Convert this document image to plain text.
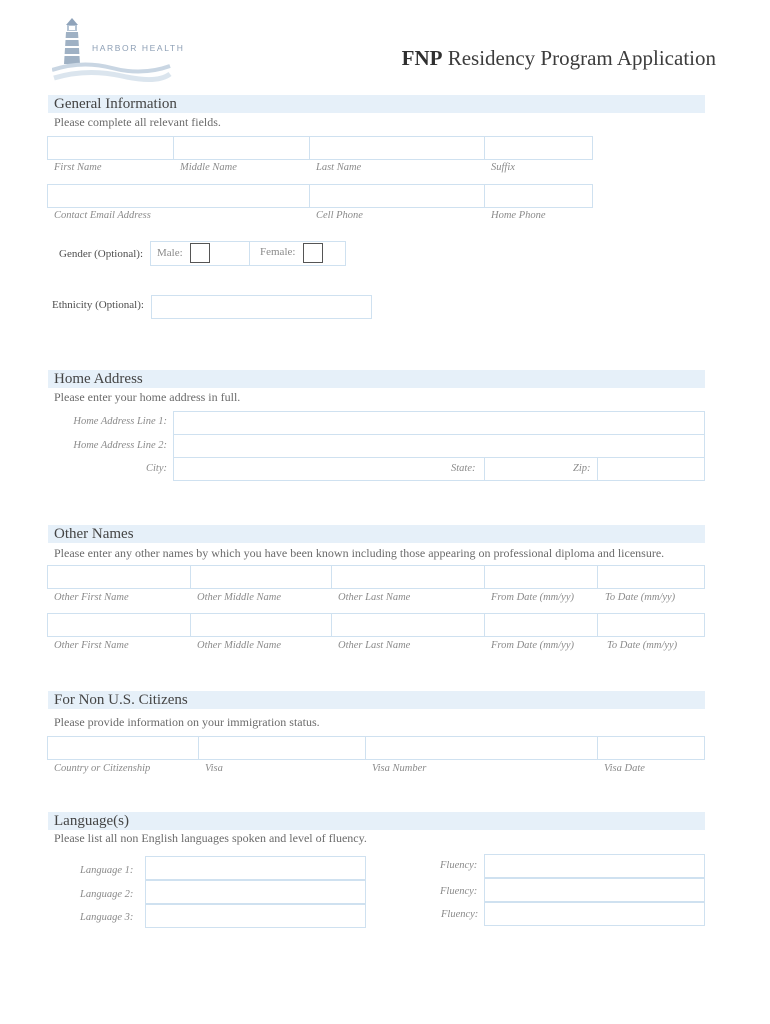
HARBOR HEALTH	FNP Residency Program Application
General Information
Please complete all relevant fields.
First Name	Middle Name	Last Name	Suffix
Contact Email Address	Cell Phone	Home Phone
Gender (Optional): Male:	Female:
Ethnicity (Optional):
Home Address
Please enter your home address in full.
Home Address Line 1:
Home Address Line 2:
City:	State:	Zip:
Other Names
Please enter any other names by which you have been known including those appearing on professional diploma and licensure.
Other First Name	Other Middle Name	Other Last Name	From Date (mm/yy)	To Date (mm/yy)
Other First Name	Other Middle Name	Other Last Name	From Date (mm/yy)	To Date (mm/yy)
For Non U.S. Citizens
Please provide information on your immigration status.
Country or Citizenship	Visa	Visa Number	Visa Date
Language(s)
Please list all non English languages spoken and level of fluency.
Language 1:	Fluency:
Language 2:	Fluency:
Language 3:	Fluency:
